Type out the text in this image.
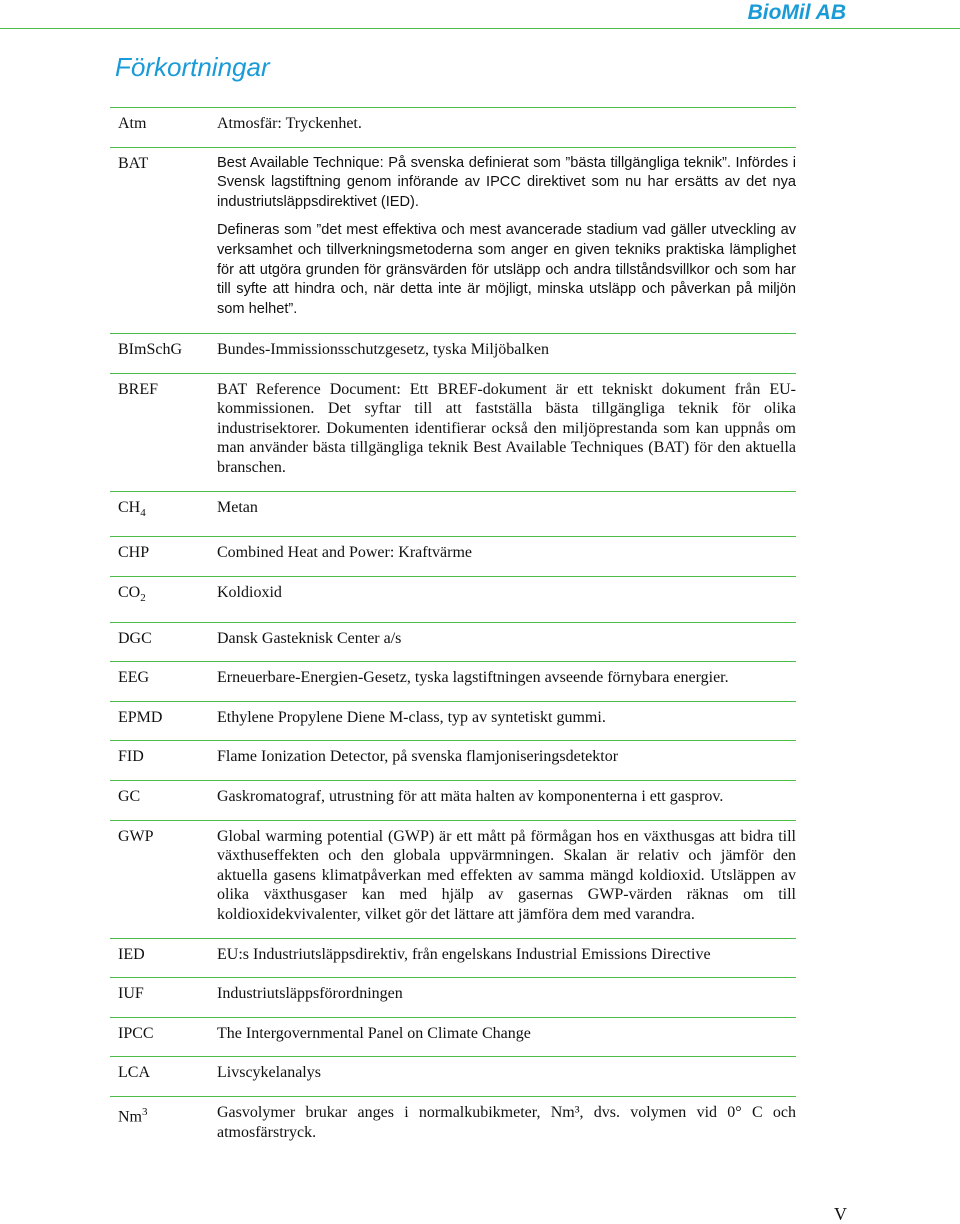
BioMil AB
Förkortningar
Atm	Atmosfär: Tryckenhet.

BAT	Best Available Technique: På svenska definierat som ”bästa tillgängliga teknik”. Infördes i Svensk lagstiftning genom införande av IPCC direktivet som nu har ersätts av det nya industriutsläppsdirektivet (IED).

Defineras som ”det mest effektiva och mest avancerade stadium vad gäller utveckling av verksamhet och tillverkningsmetoderna som anger en given tekniks praktiska lämplighet för att utgöra grunden för gränsvärden för utsläpp och andra tillståndsvillkor och som har till syfte att hindra och, när detta inte är möjligt, minska utsläpp och påverkan på miljön som helhet”.

BImSchG	Bundes-Immissionsschutzgesetz, tyska Miljöbalken

BREF	BAT Reference Document: Ett BREF-dokument är ett tekniskt dokument från EU-kommissionen. Det syftar till att fastställa bästa tillgängliga teknik för olika industrisektorer. Dokumenten identifierar också den miljöprestanda som kan uppnås om man använder bästa tillgängliga teknik Best Available Techniques (BAT) för den aktuella branschen.

$CH_4$	Metan

CHP	Combined Heat and Power: Kraftvärme

$CO_2$	Koldioxid

DGC	Dansk Gasteknisk Center a/s

EEG	Erneuerbare-Energien-Gesetz, tyska lagstiftningen avseende förnybara energier.

EPMD	Ethylene Propylene Diene M-class, typ av syntetiskt gummi.

FID	Flame Ionization Detector, på svenska flamjoniseringsdetektor

GC	Gaskromatograf, utrustning för att mäta halten av komponenterna i ett gasprov.

GWP	Global warming potential (GWP) är ett mått på förmågan hos en växthusgas att bidra till växthuseffekten och den globala uppvärmningen. Skalan är relativ och jämför den aktuella gasens klimatpåverkan med effekten av samma mängd koldioxid. Utsläppen av olika växthusgaser kan med hjälp av gasernas GWP-värden räknas om till koldioxidekvivalenter, vilket gör det lättare att jämföra dem med varandra.

IED	EU:s Industriutsläppsdirektiv, från engelskans Industrial Emissions Directive

IUF	Industriutsläppsförordningen

IPCC	The Intergovernmental Panel on Climate Change

LCA	Livscykelanalys

Nm$^3$	Gasvolymer brukar anges i normalkubikmeter, Nm³, dvs. volymen vid 0° C och atmosfärstryck.

V
